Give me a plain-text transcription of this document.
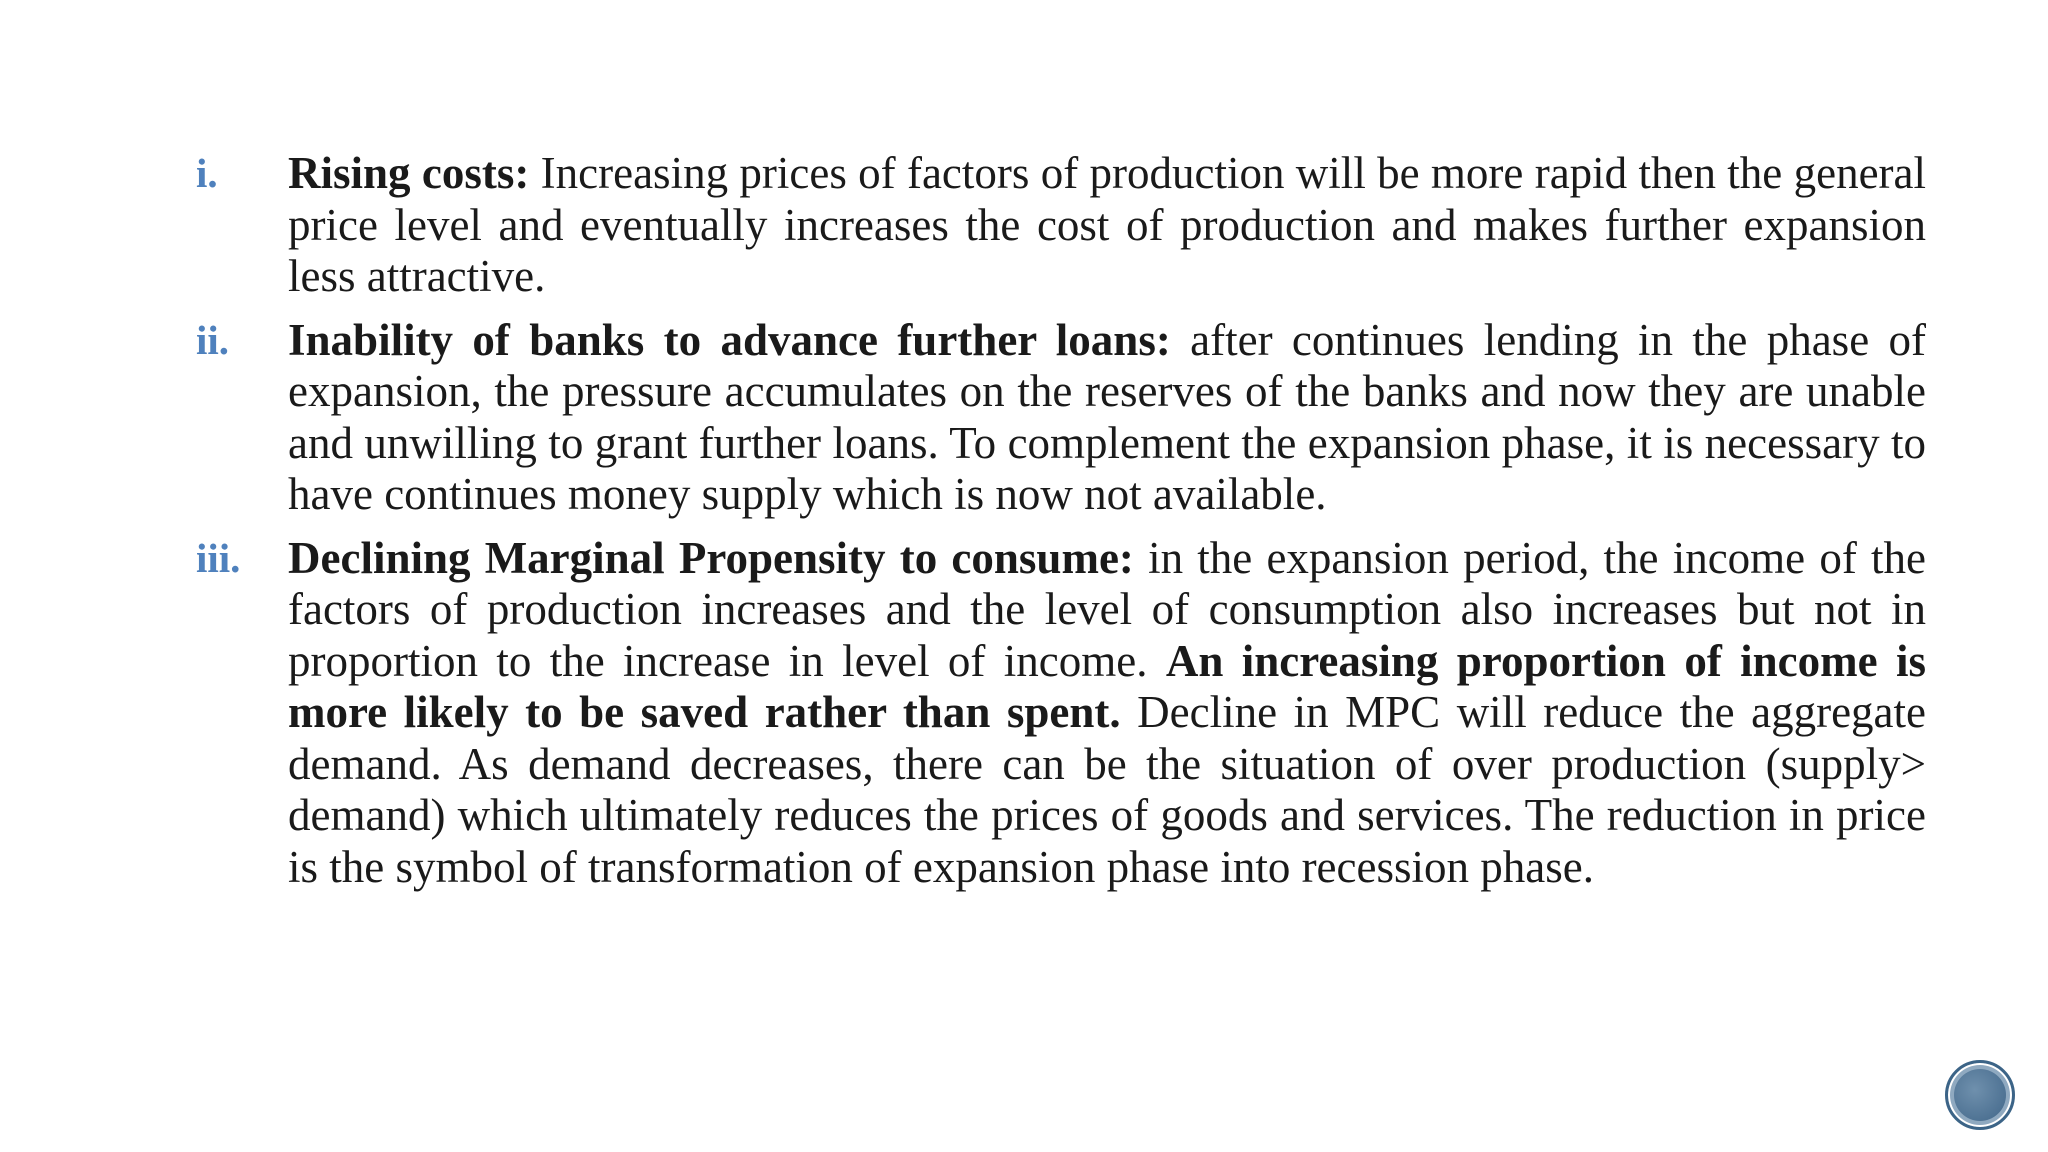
i.	Rising costs: Increasing prices of factors of production will be more rapid then the general price level and eventually increases the cost of production and makes further expansion less attractive.
ii.	Inability of banks to advance further loans: after continues lending in the phase of expansion, the pressure accumulates on the reserves of the banks and now they are unable and unwilling to grant further loans. To complement the expansion phase, it is necessary to have continues money supply which is now not available.
iii.	Declining Marginal Propensity to consume: in the expansion period, the income of the factors of production increases and the level of consumption also increases but not in proportion to the increase in level of income. An increasing proportion of income is more likely to be saved rather than spent. Decline in MPC will reduce the aggregate demand. As demand decreases, there can be the situation of over production (supply> demand) which ultimately reduces the prices of goods and services. The reduction in price is the symbol of transformation of expansion phase into recession phase.
